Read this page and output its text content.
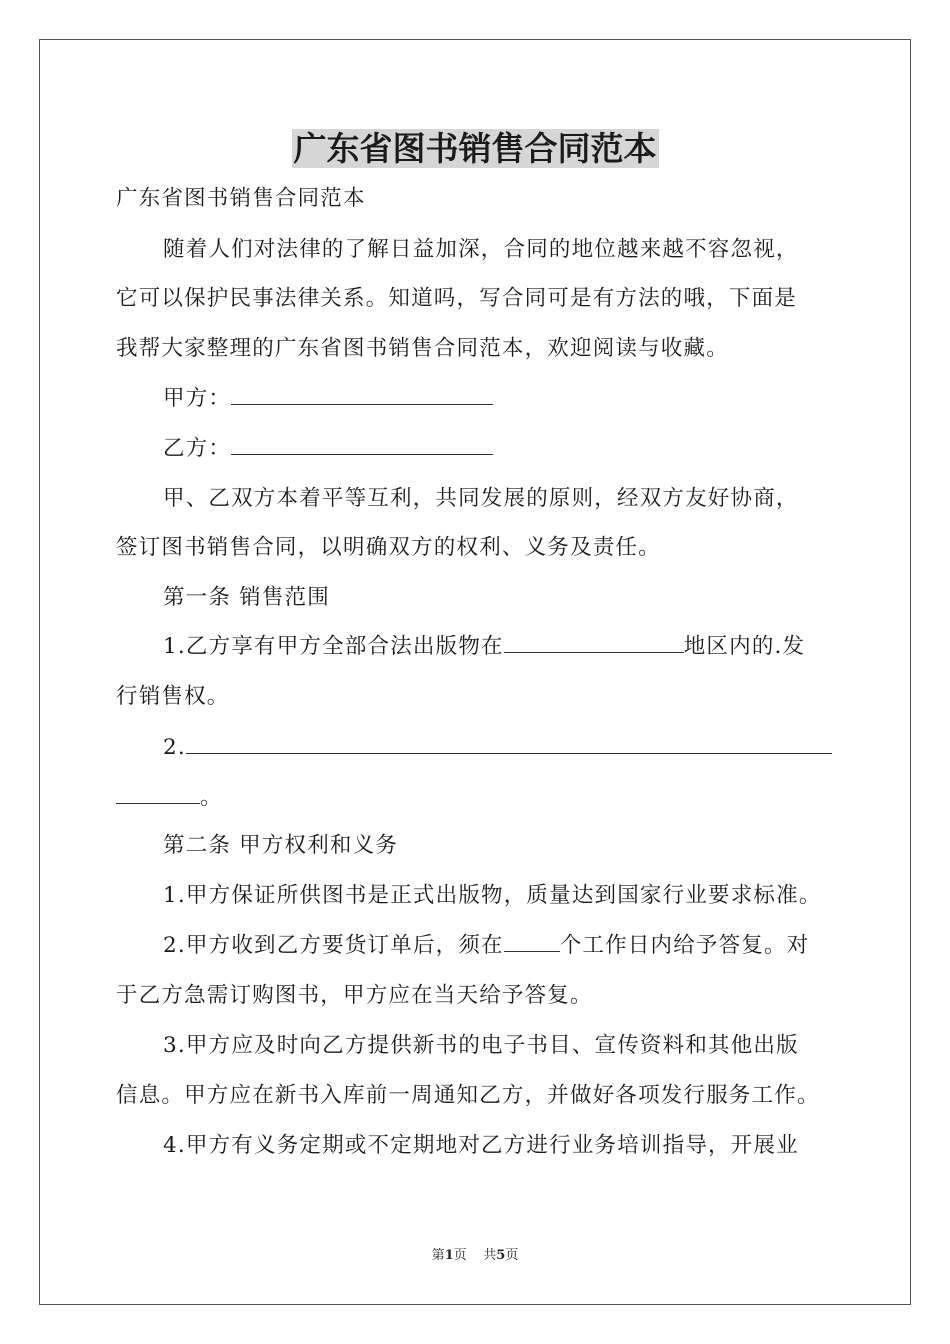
广东省图书销售合同范本

广东省图书销售合同范本

随着人们对法律的了解日益加深，合同的地位越来越不容忽视，

它可以保护民事法律关系。知道吗，写合同可是有方法的哦，下面是

我帮大家整理的广东省图书销售合同范本，欢迎阅读与收藏。

甲方：

乙方：

甲、乙双方本着平等互利，共同发展的原则，经双方友好协商，

签订图书销售合同，以明确双方的权利、义务及责任。

第一条 销售范围

1.乙方享有甲方全部合法出版物在	地区内的.发

行销售权。

2.

。

第二条 甲方权利和义务

1.甲方保证所供图书是正式出版物，质量达到国家行业要求标准。

2.甲方收到乙方要货订单后，须在	个工作日内给予答复。对

于乙方急需订购图书，甲方应在当天给予答复。

3.甲方应及时向乙方提供新书的电子书目、宣传资料和其他出版

信息。甲方应在新书入库前一周通知乙方，并做好各项发行服务工作。

4.甲方有义务定期或不定期地对乙方进行业务培训指导，开展业

第1页    共5页
